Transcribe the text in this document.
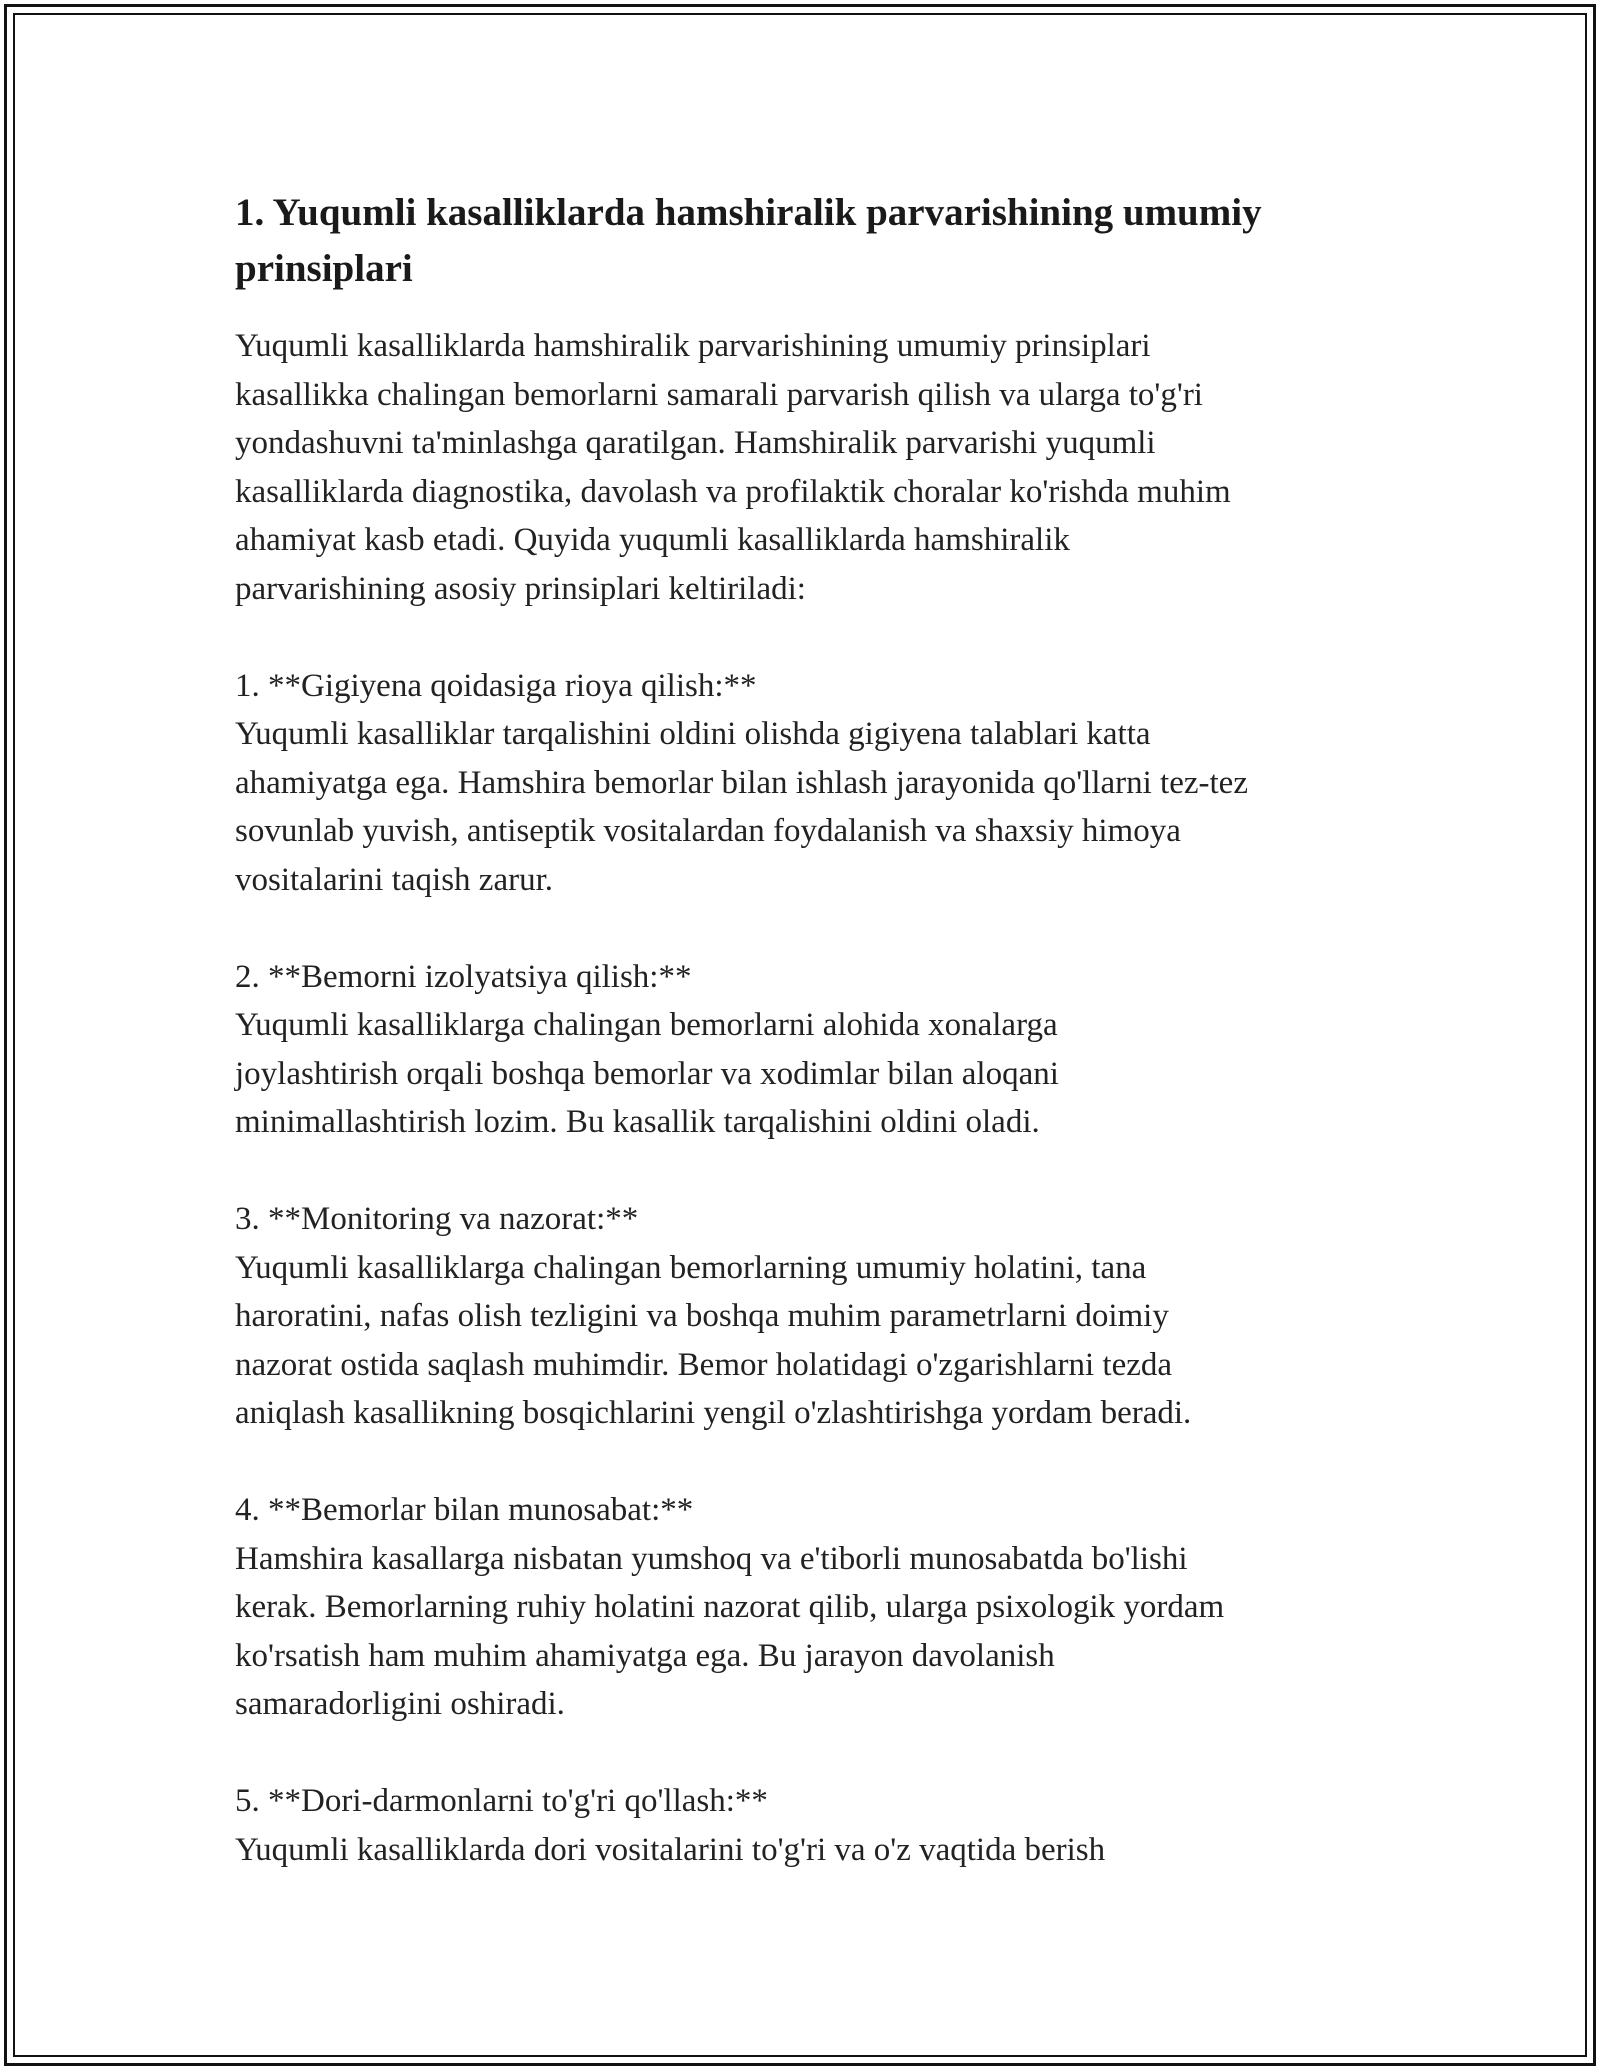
1. Yuqumli kasalliklarda hamshiralik parvarishining umumiy
prinsiplari

Yuqumli kasalliklarda hamshiralik parvarishining umumiy prinsiplari
kasallikka chalingan bemorlarni samarali parvarish qilish va ularga to'g'ri
yondashuvni ta'minlashga qaratilgan. Hamshiralik parvarishi yuqumli
kasalliklarda diagnostika, davolash va profilaktik choralar ko'rishda muhim
ahamiyat kasb etadi. Quyida yuqumli kasalliklarda hamshiralik
parvarishining asosiy prinsiplari keltiriladi:

1. **Gigiyena qoidasiga rioya qilish:**

Yuqumli kasalliklar tarqalishini oldini olishda gigiyena talablari katta
ahamiyatga ega. Hamshira bemorlar bilan ishlash jarayonida qo'llarni tez-tez
sovunlab yuvish, antiseptik vositalardan foydalanish va shaxsiy himoya
vositalarini taqish zarur.

2. **Bemorni izolyatsiya qilish:**

Yuqumli kasalliklarga chalingan bemorlarni alohida xonalarga
joylashtirish orqali boshqa bemorlar va xodimlar bilan aloqani
minimallashtirish lozim. Bu kasallik tarqalishini oldini oladi.

3. **Monitoring va nazorat:**

Yuqumli kasalliklarga chalingan bemorlarning umumiy holatini, tana
haroratini, nafas olish tezligini va boshqa muhim parametrlarni doimiy
nazorat ostida saqlash muhimdir. Bemor holatidagi o'zgarishlarni tezda
aniqlash kasallikning bosqichlarini yengil o'zlashtirishga yordam beradi.

4. **Bemorlar bilan munosabat:**

Hamshira kasallarga nisbatan yumshoq va e'tiborli munosabatda bo'lishi
kerak. Bemorlarning ruhiy holatini nazorat qilib, ularga psixologik yordam
ko'rsatish ham muhim ahamiyatga ega. Bu jarayon davolanish
samaradorligini oshiradi.

5. **Dori-darmonlarni to'g'ri qo'llash:**

Yuqumli kasalliklarda dori vositalarini to'g'ri va o'z vaqtida berish
